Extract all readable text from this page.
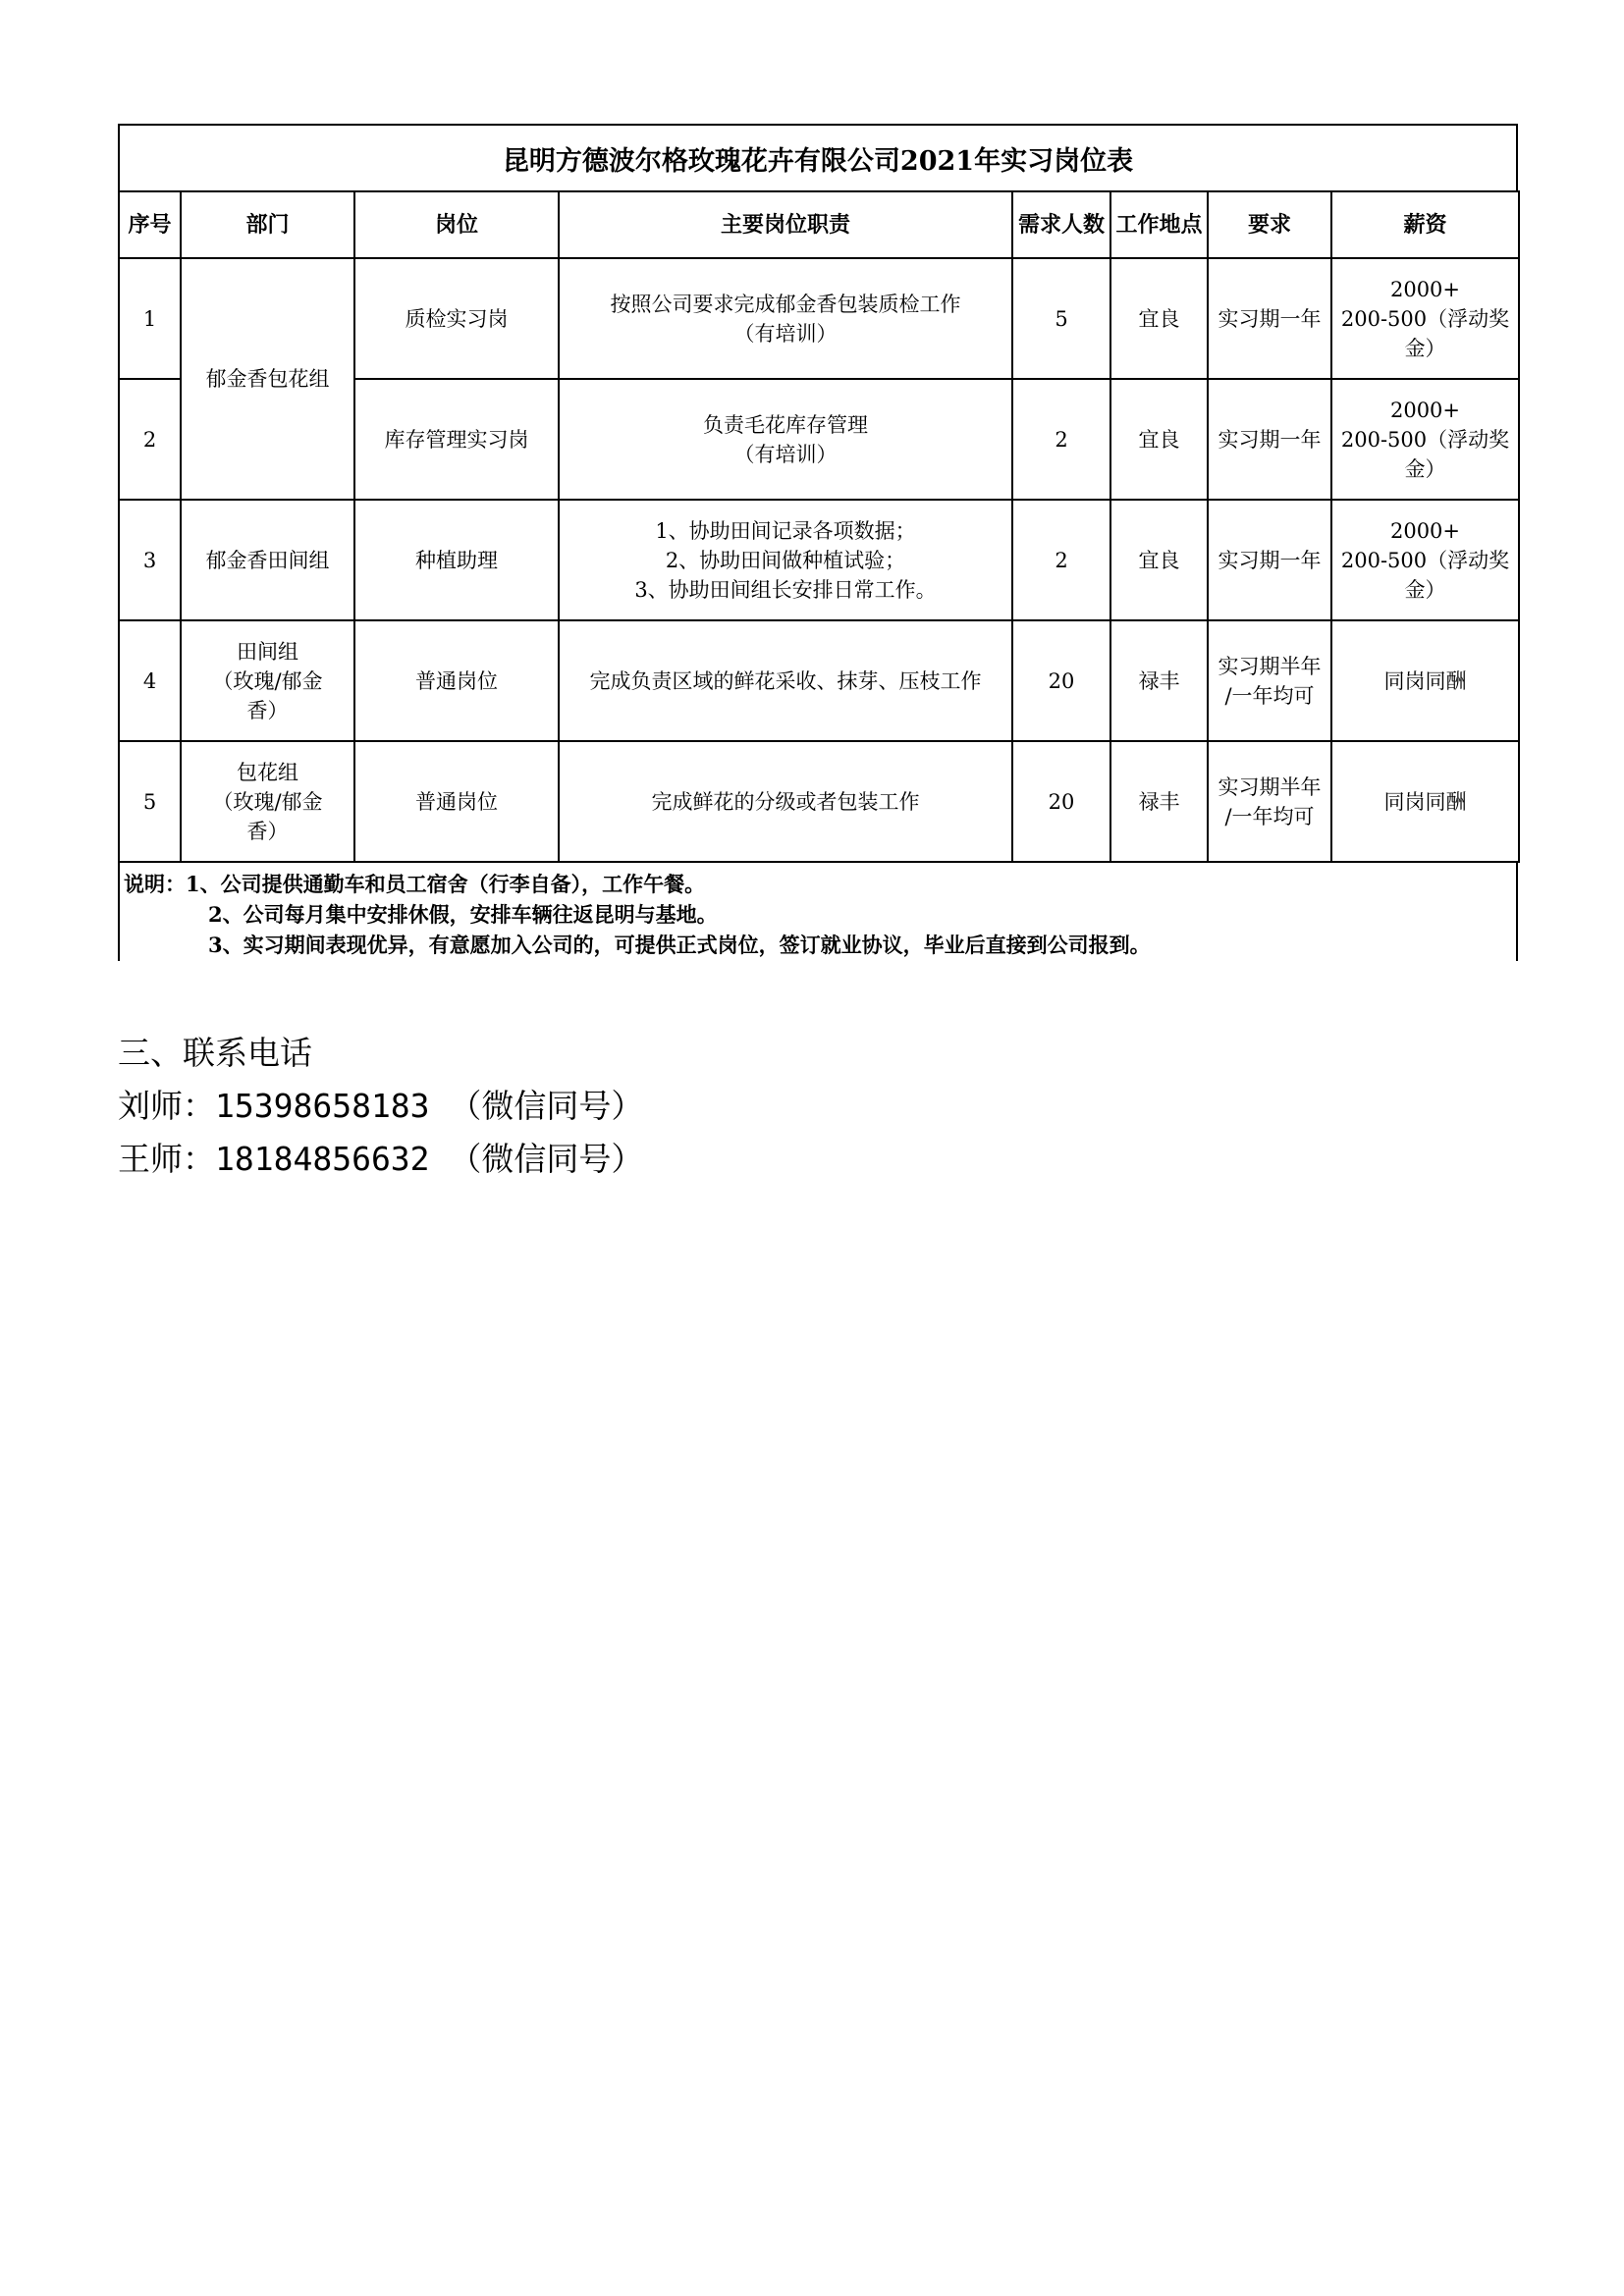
昆明方德波尔格玫瑰花卉有限公司2021年实习岗位表
序号	部门	岗位	主要岗位职责	需求人数	工作地点	要求	薪资
1	郁金香包花组	质检实习岗	按照公司要求完成郁金香包装质检工作
（有培训）	5	宜良	实习期一年	2000+
200-500（浮动奖
金）

2		库存管理实习岗	负责毛花库存管理
（有培训）	2	宜良	实习期一年	2000+
200-500（浮动奖
金）

3	郁金香田间组	种植助理	1、协助田间记录各项数据；
2、协助田间做种植试验；
3、协助田间组长安排日常工作。	2	宜良	实习期一年	2000+
200-500（浮动奖
金）

4	田间组
（玫瑰/郁金
香）	普通岗位	完成负责区域的鲜花采收、抹芽、压枝工作	20	禄丰	实习期半年
/一年均可	同岗同酬
5	包花组
（玫瑰/郁金
香）	普通岗位	完成鲜花的分级或者包装工作	20	禄丰	实习期半年
/一年均可	同岗同酬
说明：1、公司提供通勤车和员工宿舍（行李自备），工作午餐。
2、公司每月集中安排休假，安排车辆往返昆明与基地。
3、实习期间表现优异，有意愿加入公司的，可提供正式岗位，签订就业协议，毕业后直接到公司报到。
三、联系电话
刘师：15398658183 （微信同号）
王师：18184856632 （微信同号）
